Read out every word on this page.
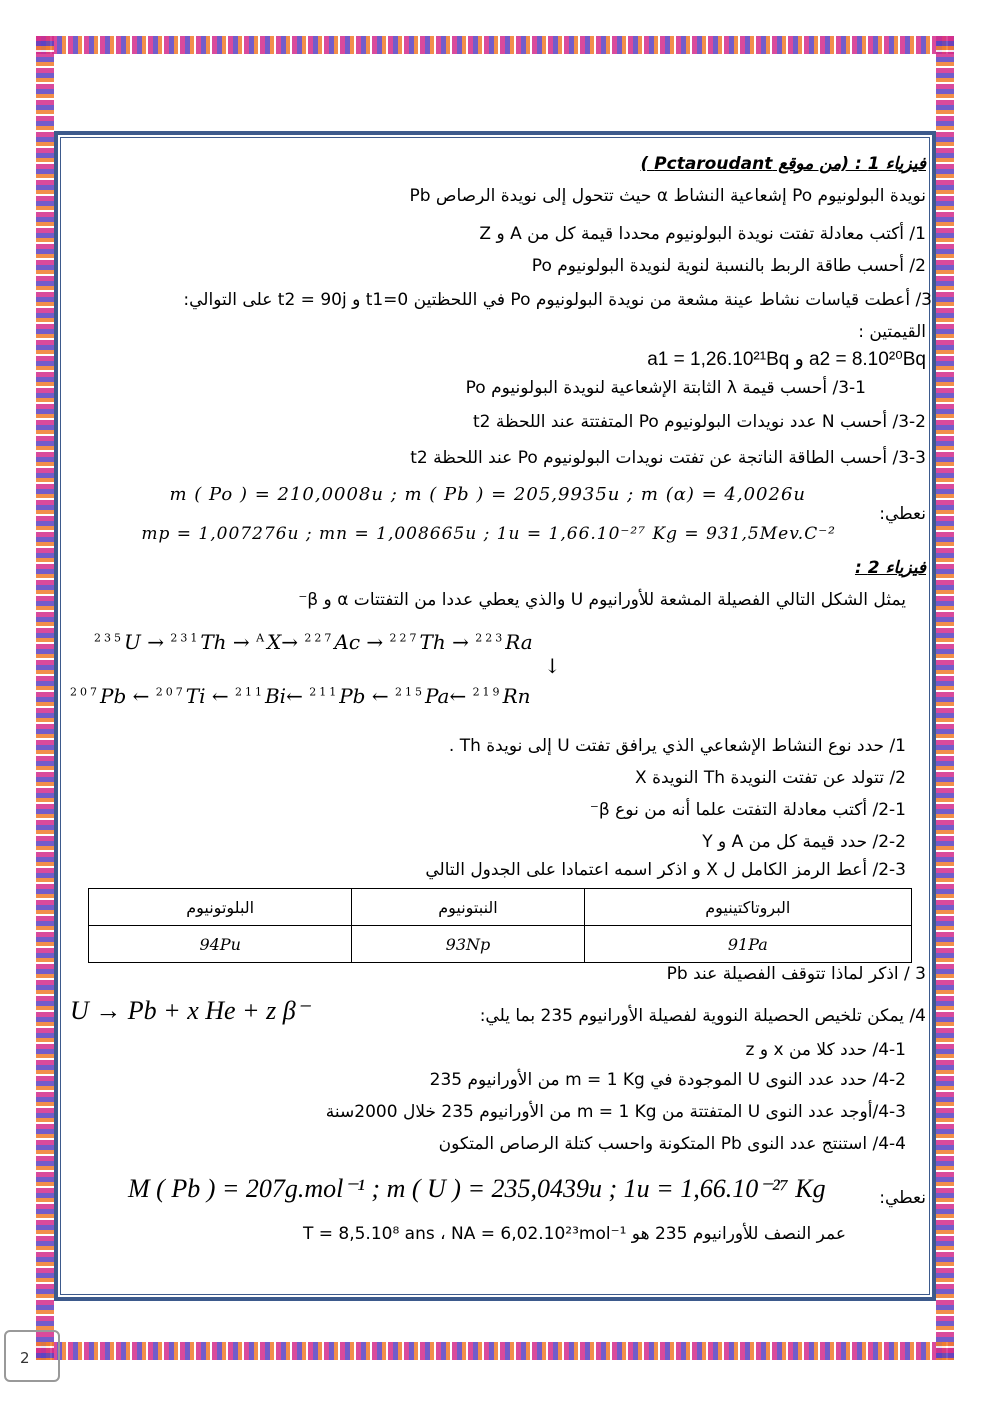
2
فيزياء 1 : (من موقع Pctaroudant )
نويدة البولونيوم Po إشعاعية النشاط α حيث تتحول إلى نويدة الرصاص Pb
1/ أكتب معادلة تفتت نويدة البولونيوم محددا قيمة كل من A و Z
2/ أحسب طاقة الربط بالنسبة لنوية لنويدة البولونيوم Po
3/ أعطت قياسات نشاط عينة مشعة من نويدة البولونيوم Po في اللحظتين t1=0 و t2 = 90j على التوالي:
القيمتين :
a2 = 8.10²⁰Bq و a1 = 1,26.10²¹Bq
3-1/ أحسب قيمة λ الثابتة الإشعاعية لنويدة البولونيوم Po
3-2/ أحسب N عدد نويدات البولونيوم Po المتفتتة عند اللحظة t2
3-3/ أحسب الطاقة الناتجة عن تفتت نويدات البولونيوم Po عند اللحظة t2
نعطي:
m ( Po ) = 210,0008u ; m ( Pb ) = 205,9935u ; m (α) = 4,0026u
mp = 1,007276u ; mn = 1,008665u ; 1u = 1,66.10⁻²⁷ Kg = 931,5Mev.C⁻²
فيزياء 2 :
يمثل الشكل التالي الفصيلة المشعة للأورانيوم U والذي يعطي عددا من التفتتات α و β⁻
$^{235}$U → $^{231}$Th → $^A$X→ $^{227}$Ac → $^{227}$Th → $^{223}$Ra
↓
$^{207}$Pb ← $^{207}$Ti ← $^{211}$Bi← $^{211}$Pb ← $^{215}$Pa← $^{219}$Rn
1/ حدد نوع النشاط الإشعاعي الذي يرافق تفتت U إلى نويدة Th .
2/ تتولد عن تفتت النويدة Th النويدة X
2-1/ أكتب معادلة التفتت علما أنه من نوع β⁻
2-2/ حدد قيمة كل من A و Y
2-3/ أعط الرمز الكامل ل X و اذكر اسمه اعتمادا على الجدول التالي
البروتاكتينيوم	النبتونيوم	البلوتونيوم
91Pa	93Np	94Pu
3 / اذكر لماذا تتوقف الفصيلة عند Pb
4/ يمكن تلخيص الحصيلة النووية لفصيلة الأورانيوم 235 بما يلي:
U → Pb + x He + z β⁻
4-1/ حدد كلا من x و z
4-2/ حدد عدد النوى U الموجودة في m = 1 Kg من الأورانيوم 235
4-3/أوجد عدد النوى U المتفتتة من m = 1 Kg من الأورانيوم 235 خلال 2000سنة
4-4/ استنتج عدد النوى Pb المتكونة واحسب كتلة الرصاص المتكون
نعطي:
M ( Pb ) = 207g.mol⁻¹ ; m ( U ) = 235,0439u ; 1u = 1,66.10⁻²⁷ Kg
عمر النصف للأورانيوم 235 هو T = 8,5.10⁸ ans ، NA = 6,02.10²³mol⁻¹
